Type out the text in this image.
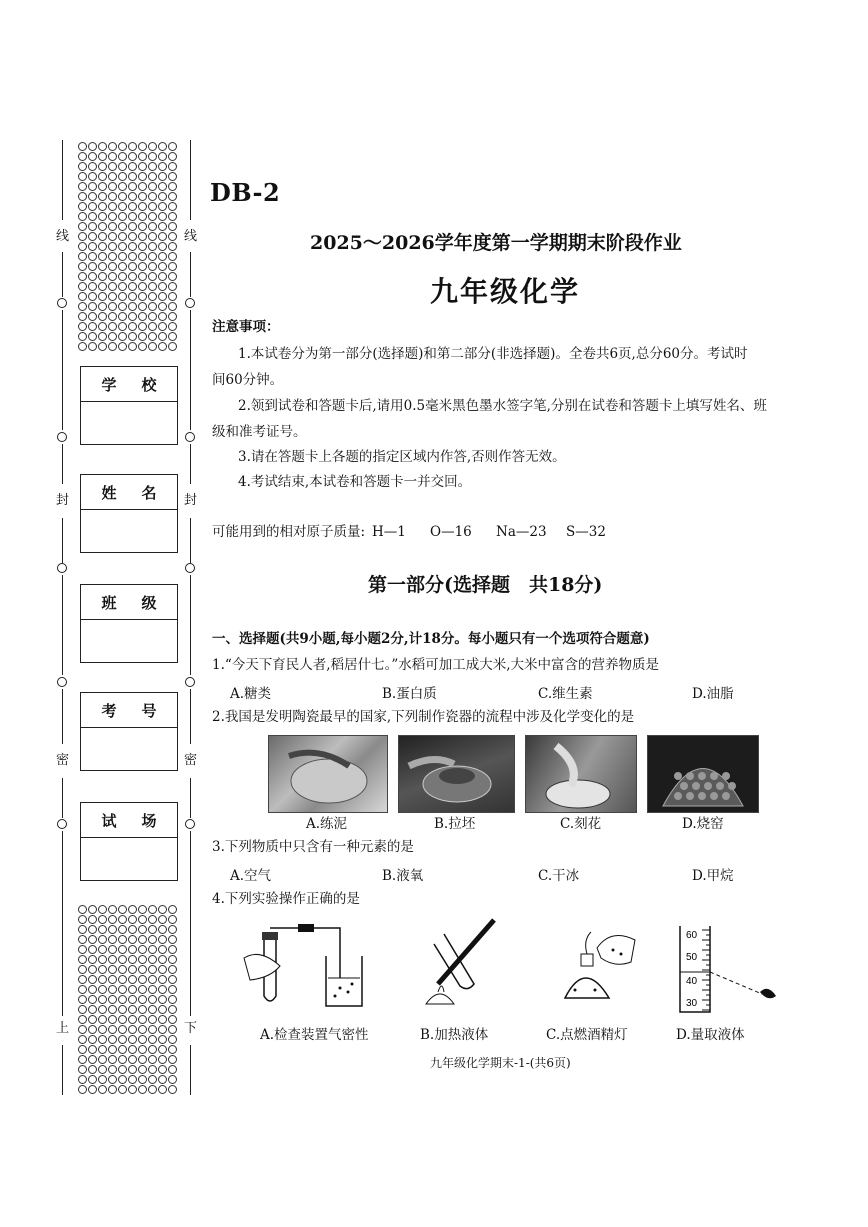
线
封
密
上
线
封
密
下
学 校
姓 名
班 级
考 号
试 场
DB-2
2025～2026学年度第一学期期末阶段作业
九年级化学
注意事项：
1.本试卷分为第一部分(选择题)和第二部分(非选择题)。全卷共6页,总分60分。考试时
间60分钟。
2.领到试卷和答题卡后,请用0.5毫米黑色墨水签字笔,分别在试卷和答题卡上填写姓名、班
级和准考证号。
3.请在答题卡上各题的指定区域内作答,否则作答无效。
4.考试结束,本试卷和答题卡一并交回。
可能用到的相对原子质量: H—1 O—16 Na—23 S—32
第一部分(选择题　共18分)
一、选择题(共9小题,每小题2分,计18分。每小题只有一个选项符合题意)
1.“今天下育民人者,稻居什七。”水稻可加工成大米,大米中富含的营养物质是
A.糖类	B.蛋白质	C.维生素	D.油脂
2.我国是发明陶瓷最早的国家,下列制作瓷器的流程中涉及化学变化的是
A.练泥	B.拉坯	C.刻花	D.烧窑
3.下列物质中只含有一种元素的是
A.空气	B.液氧	C.干冰	D.甲烷
4.下列实验操作正确的是
60
50
40
30
A.检查装置气密性	B.加热液体	C.点燃酒精灯	D.量取液体
九年级化学期末-1-(共6页)
